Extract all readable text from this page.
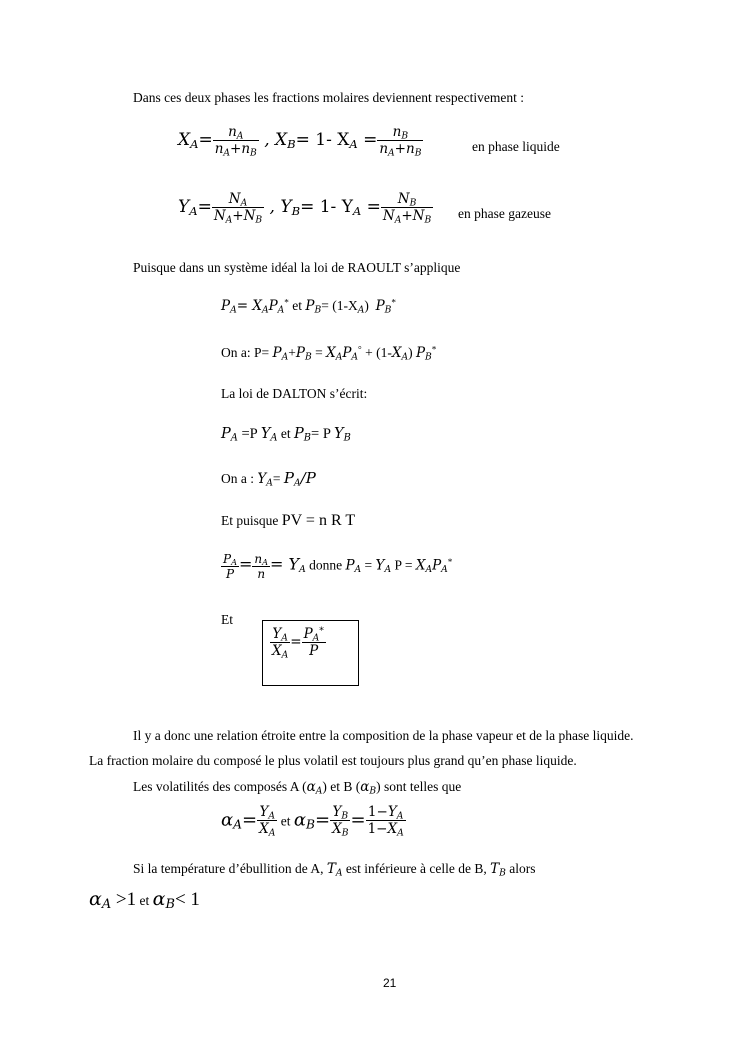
Dans ces deux phases les fractions molaires deviennent respectivement :
$X_A= \frac{n_A}{n_A+n_B}$ , $X_B= 1-$ $X_A = \frac{n_B}{n_A+n_B}$	en phase liquide
$Y_A= \frac{N_A}{N_A+N_B}$ , $Y_B= 1-$ $Y_A = \frac{N_B}{N_A+N_B}$ en phase gazeuse
Puisque dans un système idéal la loi de RAOULT s’applique
$P_A= X_AP_A^*$ et $P_B= (1-X_A)$ $P_B^*$
On a: $P= P_A+P_B = X_AP_A^\circ + (1-X_A)$ $P_B^*$
La loi de DALTON s’écrit:
$P_A =P$ $Y_A$ et $P_B= P$ $Y_B$
On a : $Y_A= P_A/P$
Et puisque PV = n R T
$\frac{P_A}{P} = \frac{n_A}{n} = Y_A$ donne $P_A = Y_A$ $P = X_AP_A^*$
Et
$\frac{Y_A}{X_A} = \frac{P_A^*}{P}$
Il y a donc une relation étroite entre la composition de la phase vapeur et de la phase liquide.
La fraction molaire du composé le plus volatil est toujours plus grand qu’en phase liquide.
Les volatilités des composés A $(\alpha_A)$ et B $(\alpha_B)$ sont telles que
$\alpha_A= \frac{Y_A}{X_A}$ et $\alpha_B= \frac{Y_B}{X_B} = \frac{1-Y_A}{1-X_A}$
Si la température d’ébullition de A, $T_A$ est inférieure à celle de B, $T_B$ alors
$\alpha_A >1$ et $\alpha_B< 1$
21
